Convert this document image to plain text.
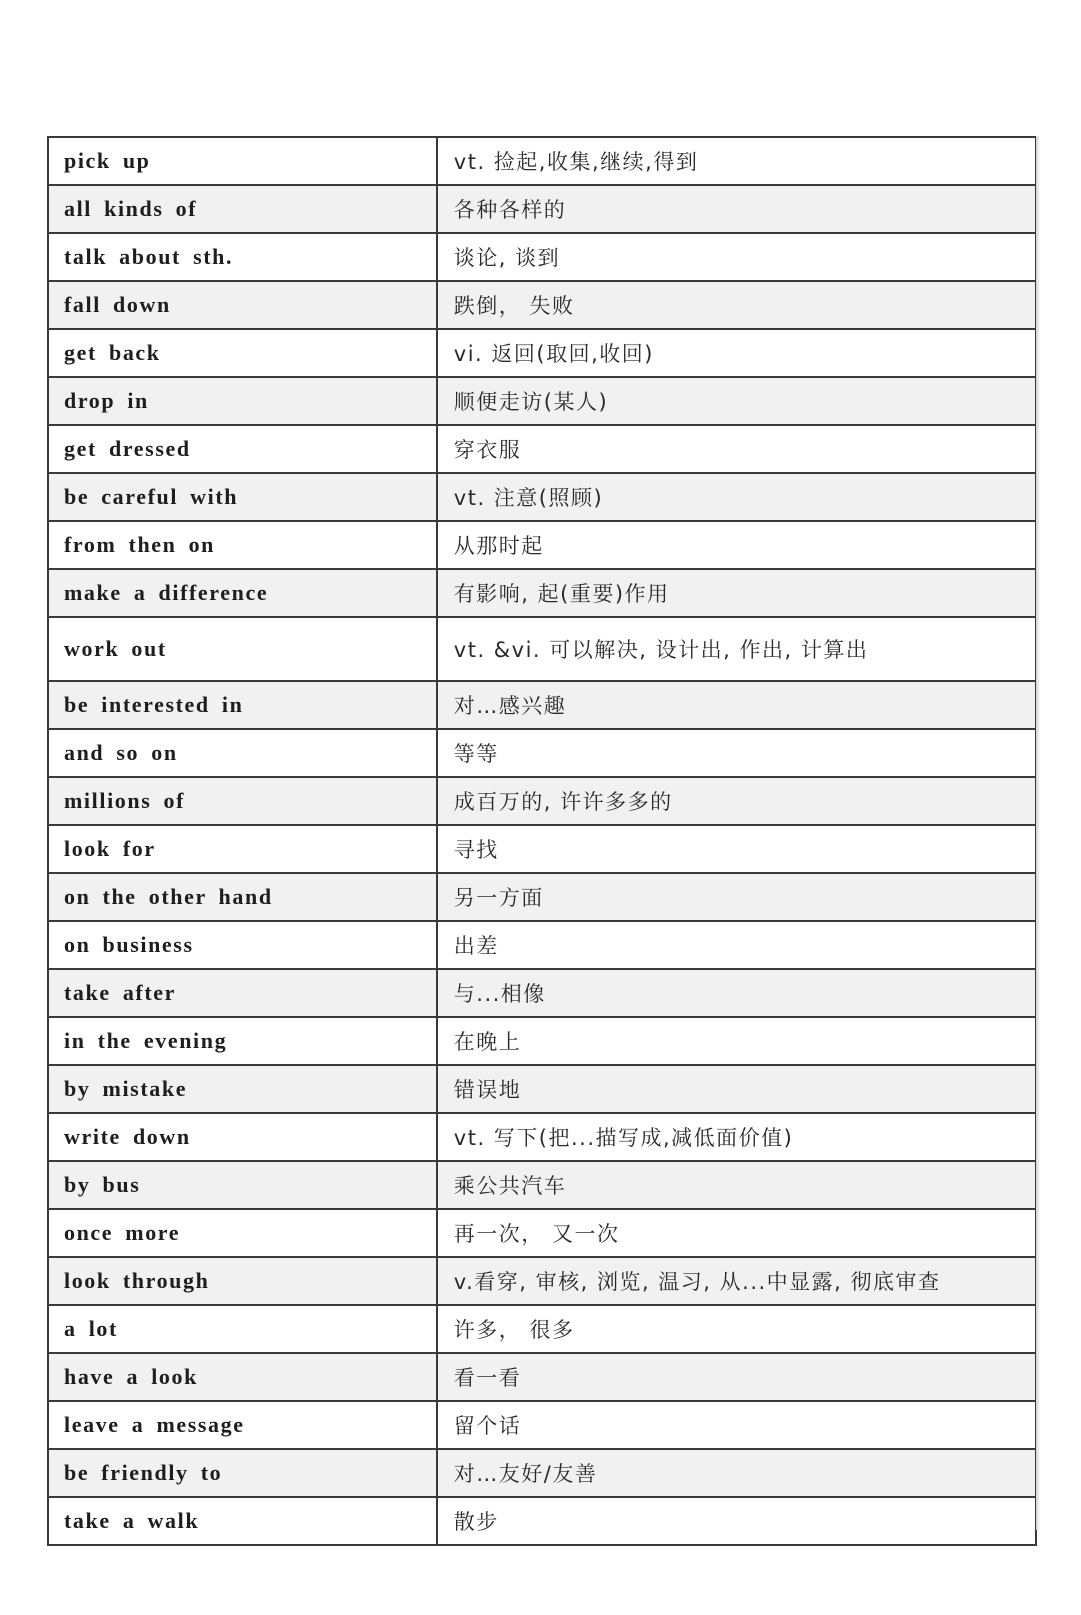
pick up	vt. 捡起,收集,继续,得到
all kinds of	各种各样的
talk about sth.	谈论, 谈到
fall down	跌倒， 失败
get back	vi. 返回(取回,收回)
drop in	顺便走访(某人)
get dressed	穿衣服
be careful with	vt. 注意(照顾)
from then on	从那时起
make a difference	有影响, 起(重要)作用
work out	vt. &vi. 可以解决, 设计出, 作出, 计算出
be interested in	对…感兴趣
and so on	等等
millions of	成百万的, 许许多多的
look for	寻找
on the other hand	另一方面
on business	出差
take after	与...相像
in the evening	在晚上
by mistake	错误地
write down	vt. 写下(把...描写成,减低面价值)
by bus	乘公共汽车
once more	再一次， 又一次
look through	v.看穿, 审核, 浏览, 温习, 从...中显露, 彻底审查
a lot	许多， 很多
have a look	看一看
leave a message	留个话
be friendly to	对…友好/友善
take a walk	散步
